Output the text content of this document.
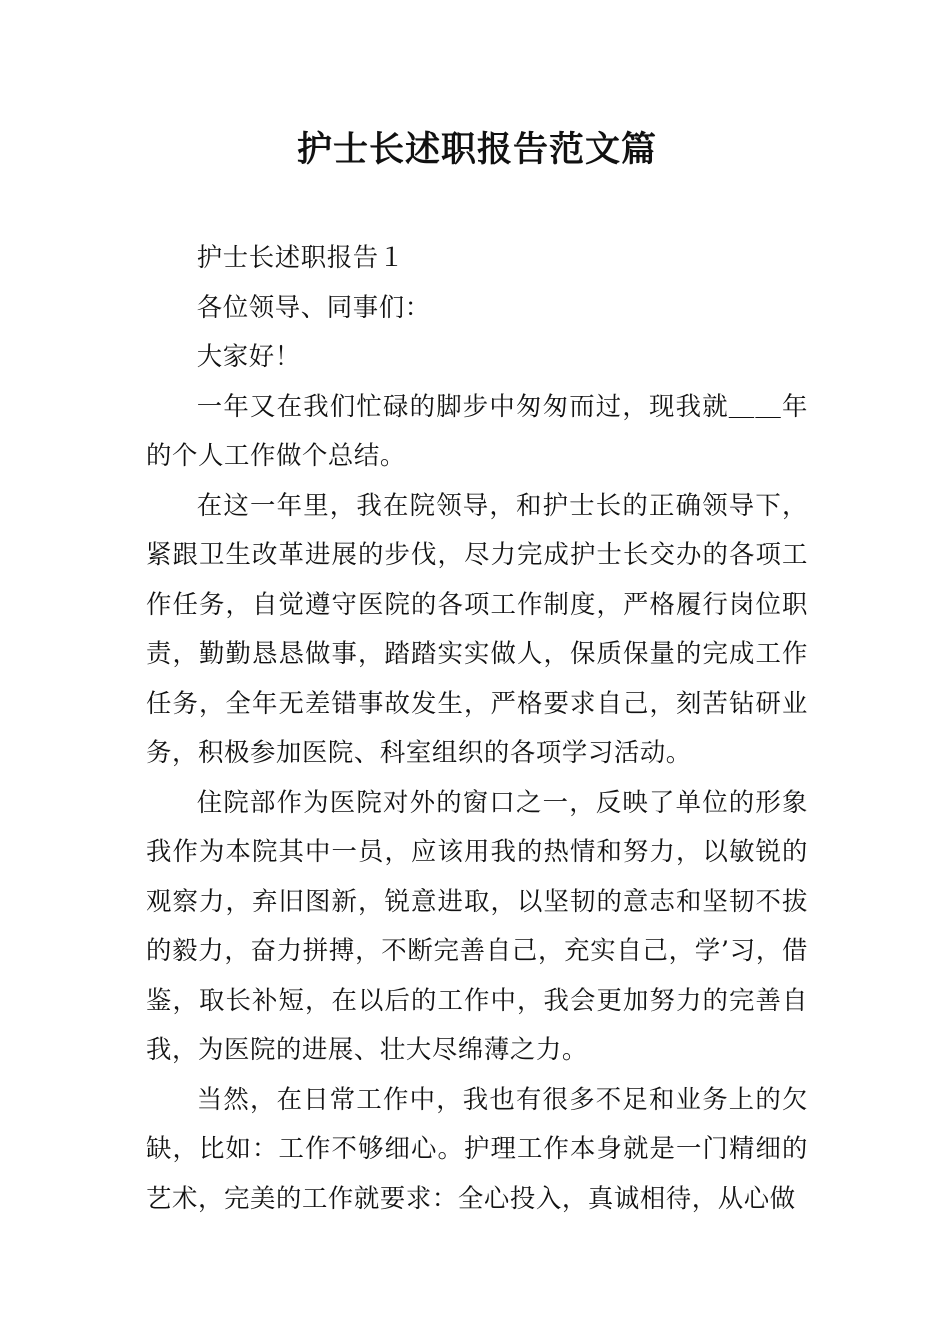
护士长述职报告范文篇

护士长述职报告１

各位领导、同事们：

大家好！

一年又在我们忙碌的脚步中匆匆而过，现我就＿＿年的个人工作做个总结。

在这一年里，我在院领导，和护士长的正确领导下，紧跟卫生改革进展的步伐，尽力完成护士长交办的各项工作任务，自觉遵守医院的各项工作制度，严格履行岗位职责，勤勤恳恳做事，踏踏实实做人，保质保量的完成工作任务，全年无差错事故发生，严格要求自己，刻苦钻研业务，积极参加医院、科室组织的各项学习活动。

住院部作为医院对外的窗口之一，反映了单位的形象我作为本院其中一员，应该用我的热情和努力，以敏锐的观察力，弃旧图新，锐意进取，以坚韧的意志和坚韧不拔的毅力，奋力拼搏，不断完善自己，充实自己，学’习，借鉴，取长补短，在以后的工作中，我会更加努力的完善自我，为医院的进展、壮大尽绵薄之力。

当然，在日常工作中，我也有很多不足和业务上的欠缺，比如：工作不够细心。护理工作本身就是一门精细的艺术，完美的工作就要求：全心投入，真诚相待，从心做
